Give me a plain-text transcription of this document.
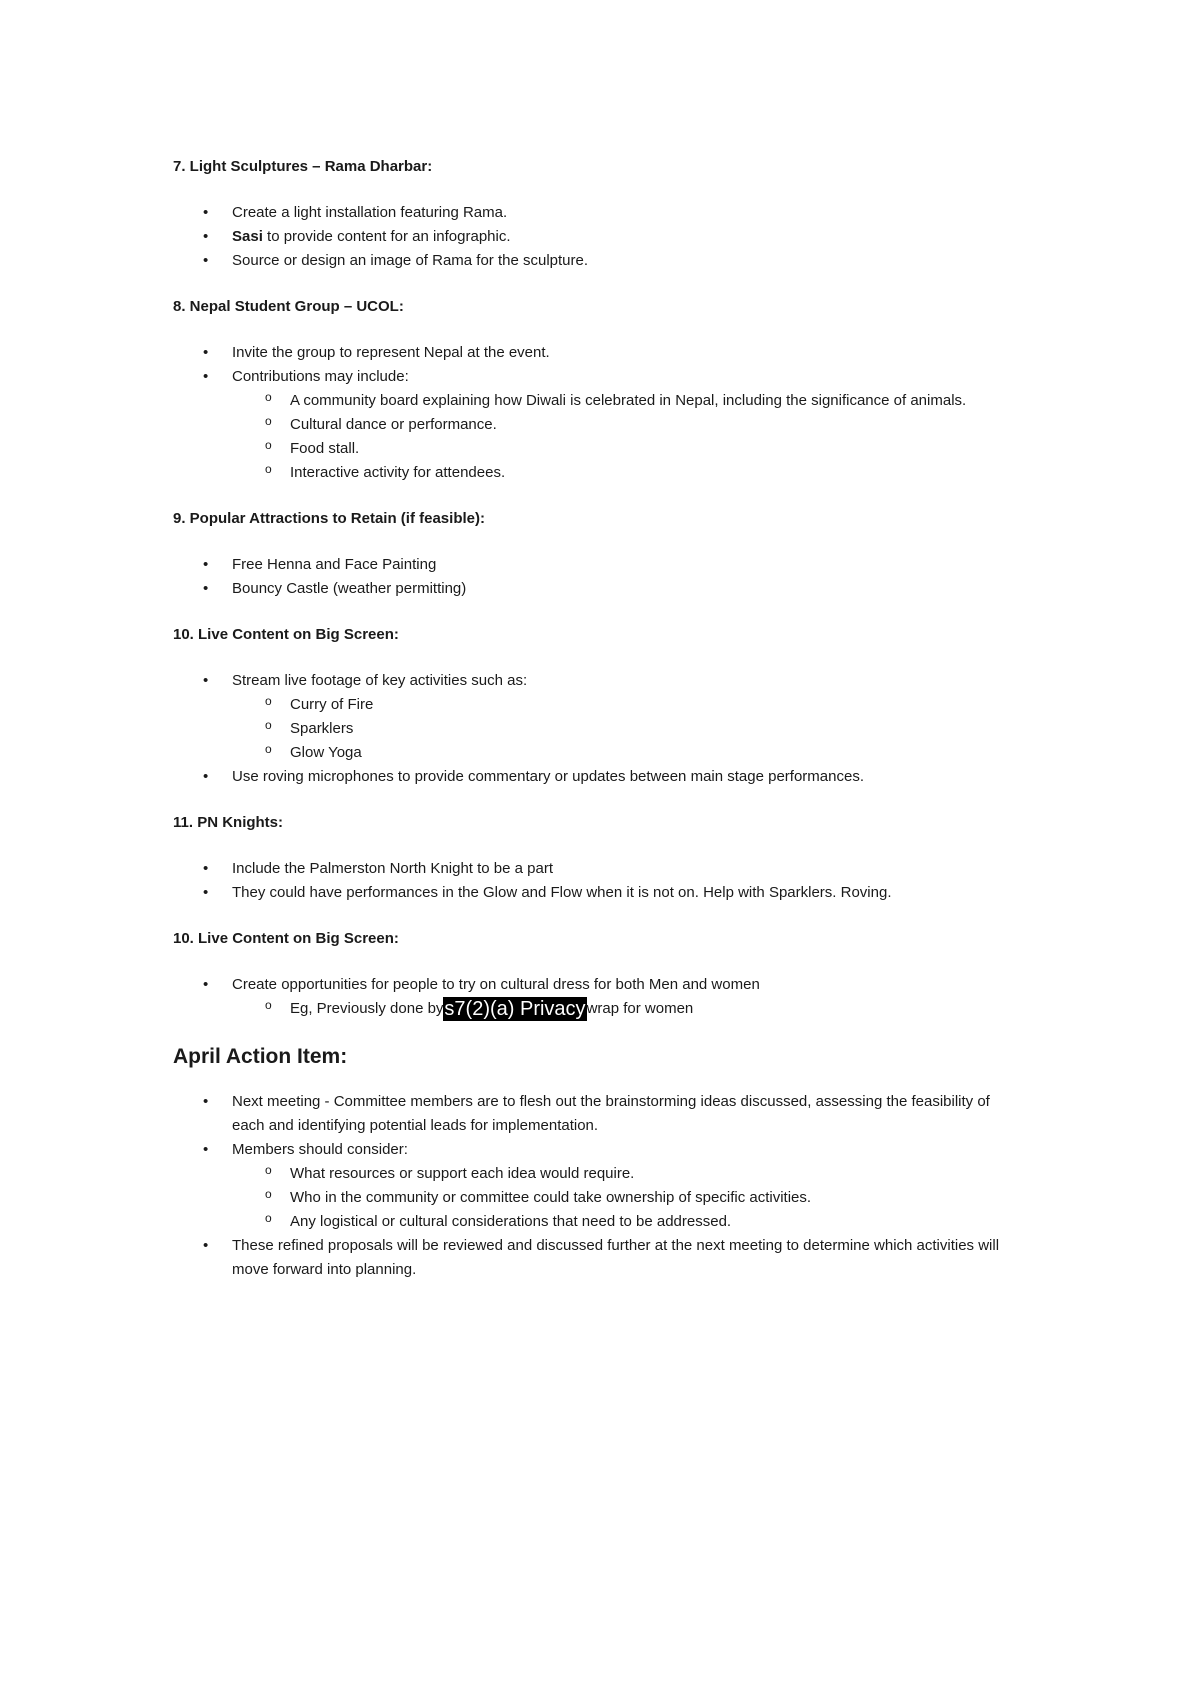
7. Light Sculptures – Rama Dharbar:
• Create a light installation featuring Rama.
• Sasi to provide content for an infographic.
• Source or design an image of Rama for the sculpture.
8. Nepal Student Group – UCOL:
• Invite the group to represent Nepal at the event.
• Contributions may include:
o A community board explaining how Diwali is celebrated in Nepal, including the significance of animals.
o Cultural dance or performance.
o Food stall.
o Interactive activity for attendees.
9. Popular Attractions to Retain (if feasible):
• Free Henna and Face Painting
• Bouncy Castle (weather permitting)
10. Live Content on Big Screen:
• Stream live footage of key activities such as:
o Curry of Fire
o Sparklers
o Glow Yoga
• Use roving microphones to provide commentary or updates between main stage performances.
11. PN Knights:
• Include the Palmerston North Knight to be a part
• They could have performances in the Glow and Flow when it is not on. Help with Sparklers. Roving.
10. Live Content on Big Screen:
• Create opportunities for people to try on cultural dress for both Men and women
o Eg, Previously done bys7(2)(a) Privacywrap for women
April Action Item:
• Next meeting - Committee members are to flesh out the brainstorming ideas discussed, assessing the feasibility of each and identifying potential leads for implementation.
• Members should consider:
o What resources or support each idea would require.
o Who in the community or committee could take ownership of specific activities.
o Any logistical or cultural considerations that need to be addressed.
• These refined proposals will be reviewed and discussed further at the next meeting to determine which activities will move forward into planning.
